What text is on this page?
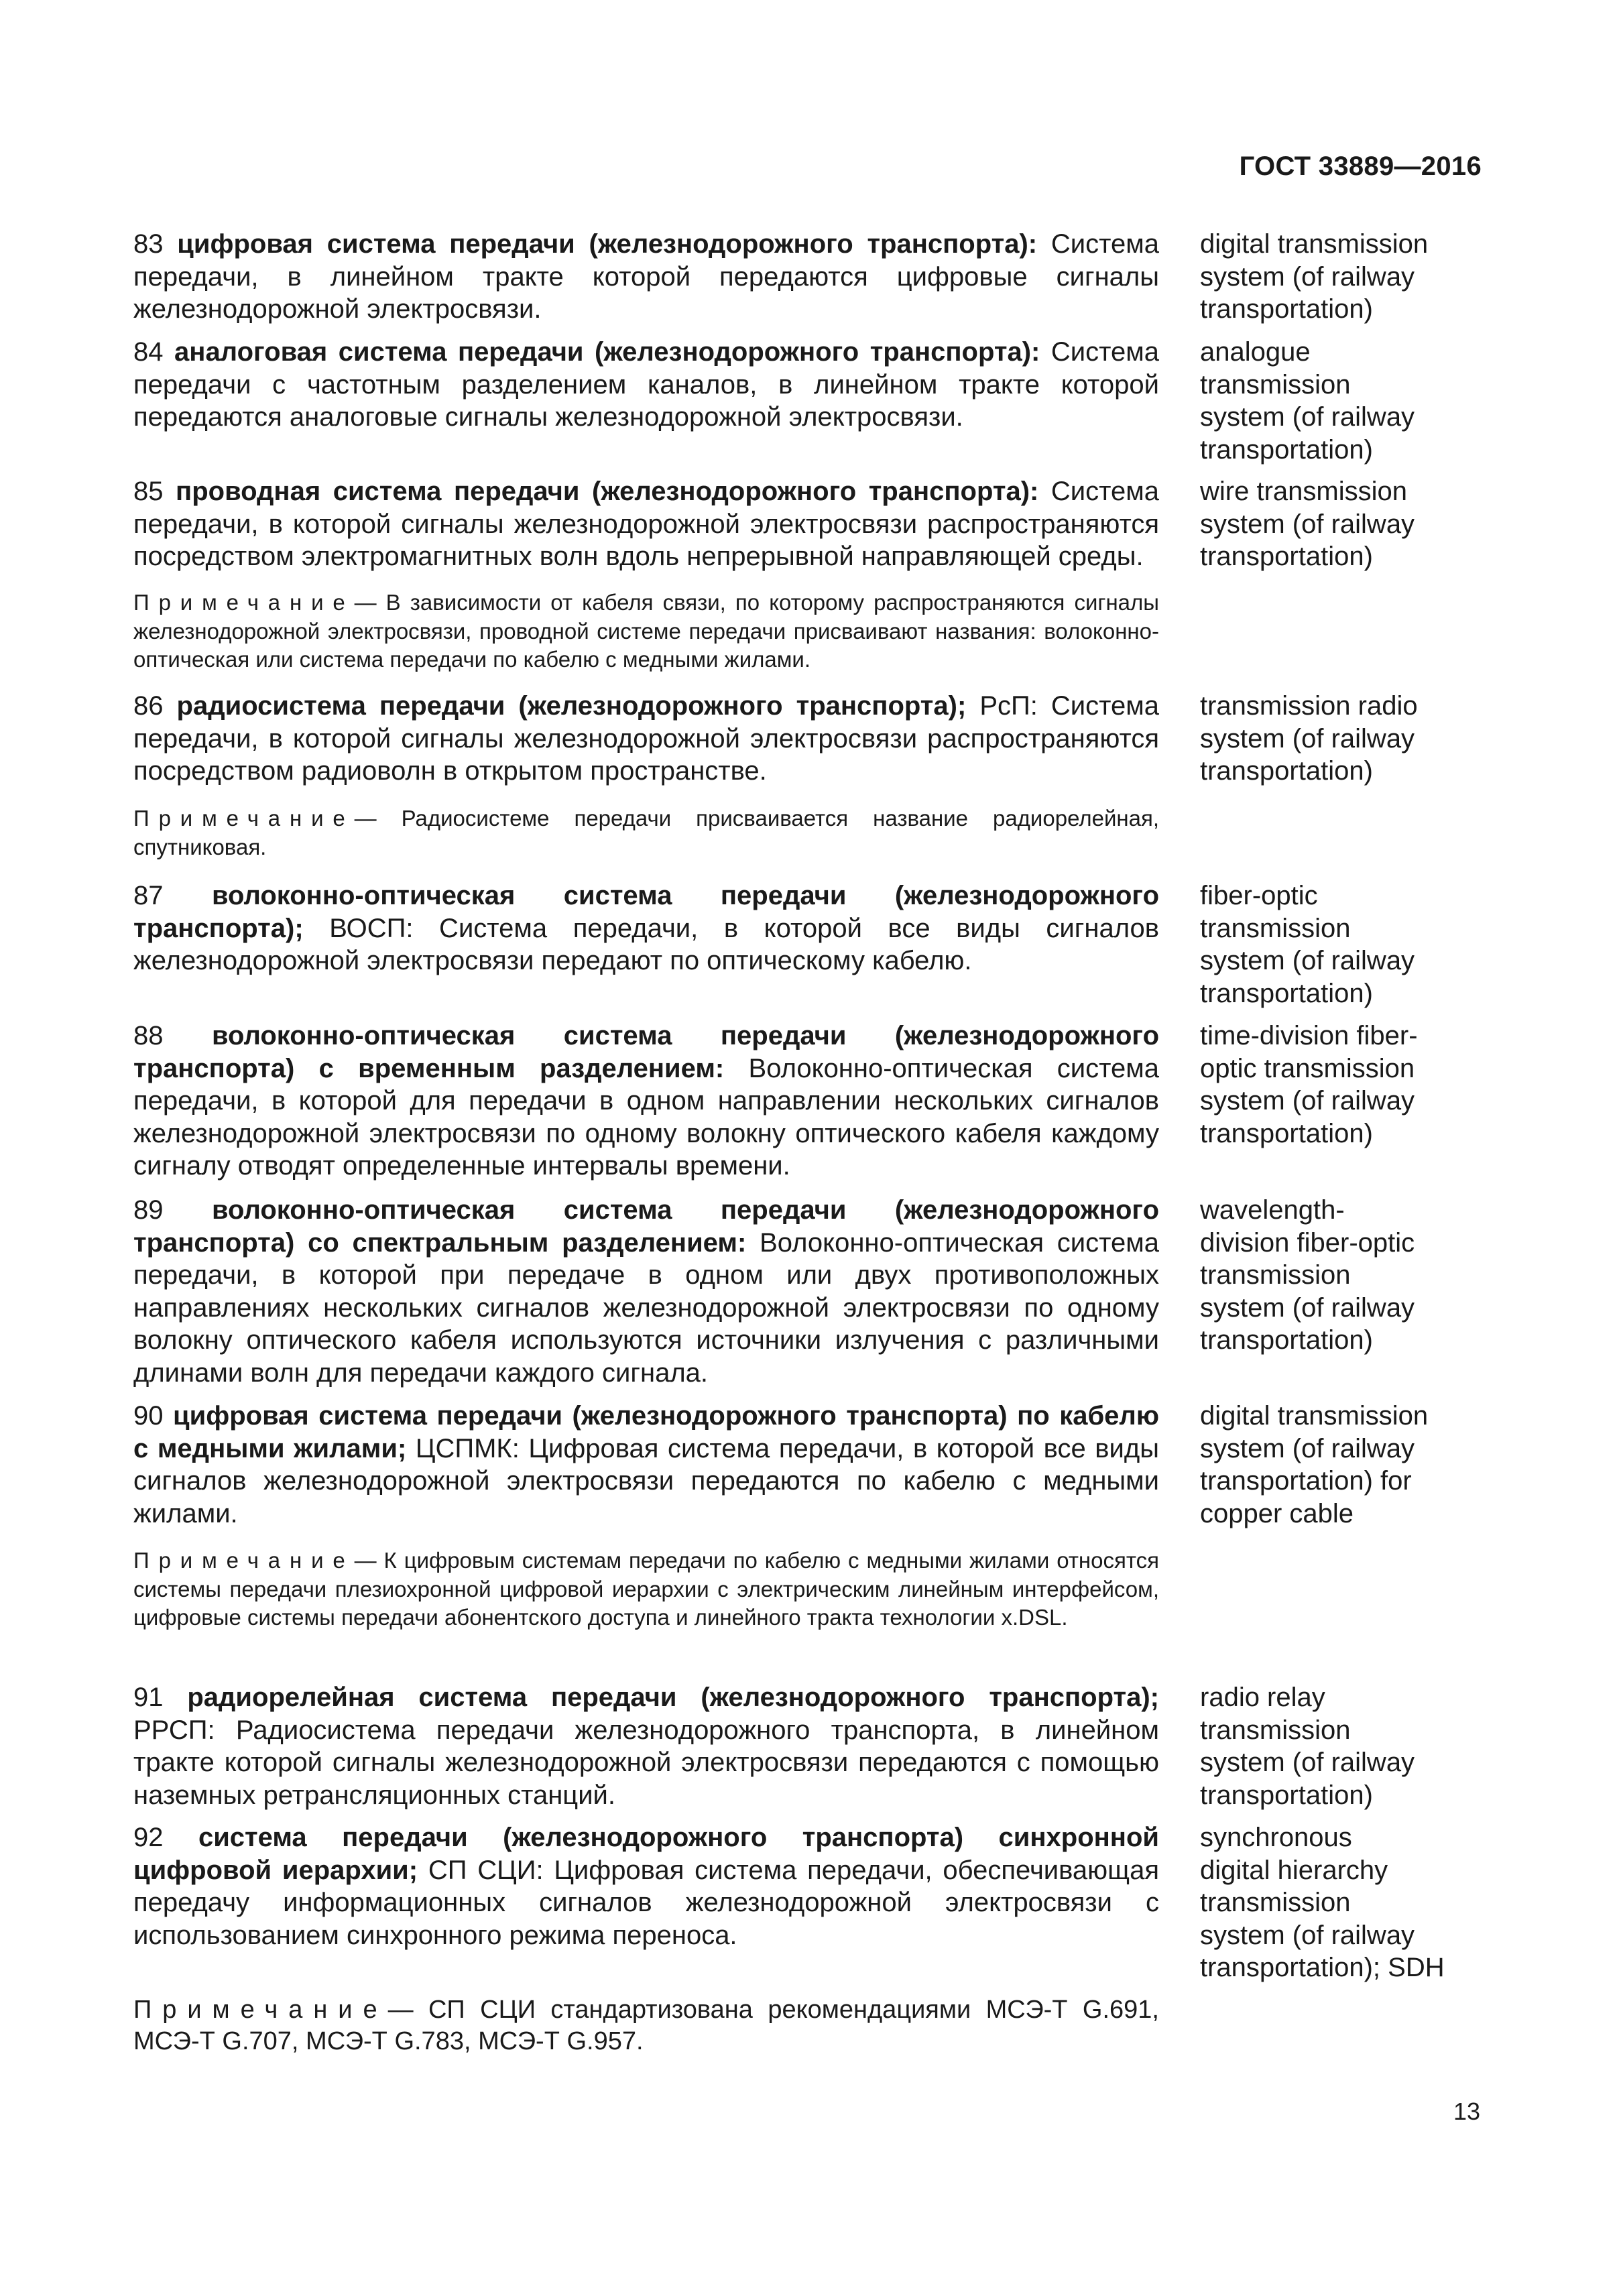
ГОСТ 33889—2016
83 цифровая система передачи (железнодорожного транспорта): Система передачи, в линейном тракте которой передаются цифровые сигналы железнодорожной электросвязи.
digital transmission
system (of railway
transportation)
84 аналоговая система передачи (железнодорожного транспорта): Система передачи с частотным разделением каналов, в линейном тракте которой передаются аналоговые сигналы железнодорожной электросвязи.
analogue
transmission
system (of railway
transportation)
85 проводная система передачи (железнодорожного транспорта): Система передачи, в которой сигналы железнодорожной электросвязи распространяются посредством электромагнитных волн вдоль непрерывной направляющей среды.
wire transmission
system (of railway
transportation)
Примечание— В зависимости от кабеля связи, по которому распространяются сигналы железнодорожной электросвязи, проводной системе передачи присваивают названия: волоконно-оптическая или система передачи по кабелю с медными жилами.
86 радиосистема передачи (железнодорожного транспорта); РсП: Система передачи, в которой сигналы железнодорожной электросвязи распространяются посредством радиоволн в открытом пространстве.
transmission radio
system (of railway
transportation)
Примечание— Радиосистеме передачи присваивается название радиорелейная, спутниковая.
87 волоконно-оптическая система передачи (железнодорожного транспорта); ВОСП: Система передачи, в которой все виды сигналов железнодорожной электросвязи передают по оптическому кабелю.
fiber-optic
transmission
system (of railway
transportation)
88 волоконно-оптическая система передачи (железнодорожного транспорта) с временным разделением: Волоконно-оптическая система передачи, в которой для передачи в одном направлении нескольких сигналов железнодорожной электросвязи по одному волокну оптического кабеля каждому сигналу отводят определенные интервалы времени.
time-division fiber-
optic transmission
system (of railway
transportation)
89 волоконно-оптическая система передачи (железнодорожного транспорта) со спектральным разделением: Волоконно-оптическая система передачи, в которой при передаче в одном или двух противоположных направлениях нескольких сигналов железнодорожной электросвязи по одному волокну оптического кабеля используются источники излучения с различными длинами волн для передачи каждого сигнала.
wavelength-
division fiber-optic
transmission
system (of railway
transportation)
90 цифровая система передачи (железнодорожного транспорта) по кабелю с медными жилами; ЦСПМК: Цифровая система передачи, в которой все виды сигналов железнодорожной электросвязи передаются по кабелю с медными жилами.
digital transmission
system (of railway
transportation) for
copper cable
Примечание— К цифровым системам передачи по кабелю с медными жилами относятся системы передачи плезиохронной цифровой иерархии с электрическим линейным интерфейсом, цифровые системы передачи абонентского доступа и линейного тракта технологии x.DSL.
91 радиорелейная система передачи (железнодорожного транспорта); РРСП: Радиосистема передачи железнодорожного транспорта, в линейном тракте которой сигналы железнодорожной электросвязи передаются с помощью наземных ретрансляционных станций.
radio relay
transmission
system (of railway
transportation)
92 система передачи (железнодорожного транспорта) синхронной цифровой иерархии; СП СЦИ: Цифровая система передачи, обеспечивающая передачу информационных сигналов железнодорожной электросвязи с использованием синхронного режима переноса.
synchronous
digital hierarchy
transmission
system (of railway
transportation); SDH
Примечание— СП СЦИ стандартизована рекомендациями МСЭ-Т G.691, МСЭ-Т G.707, МСЭ-Т G.783, МСЭ-Т G.957.
13
